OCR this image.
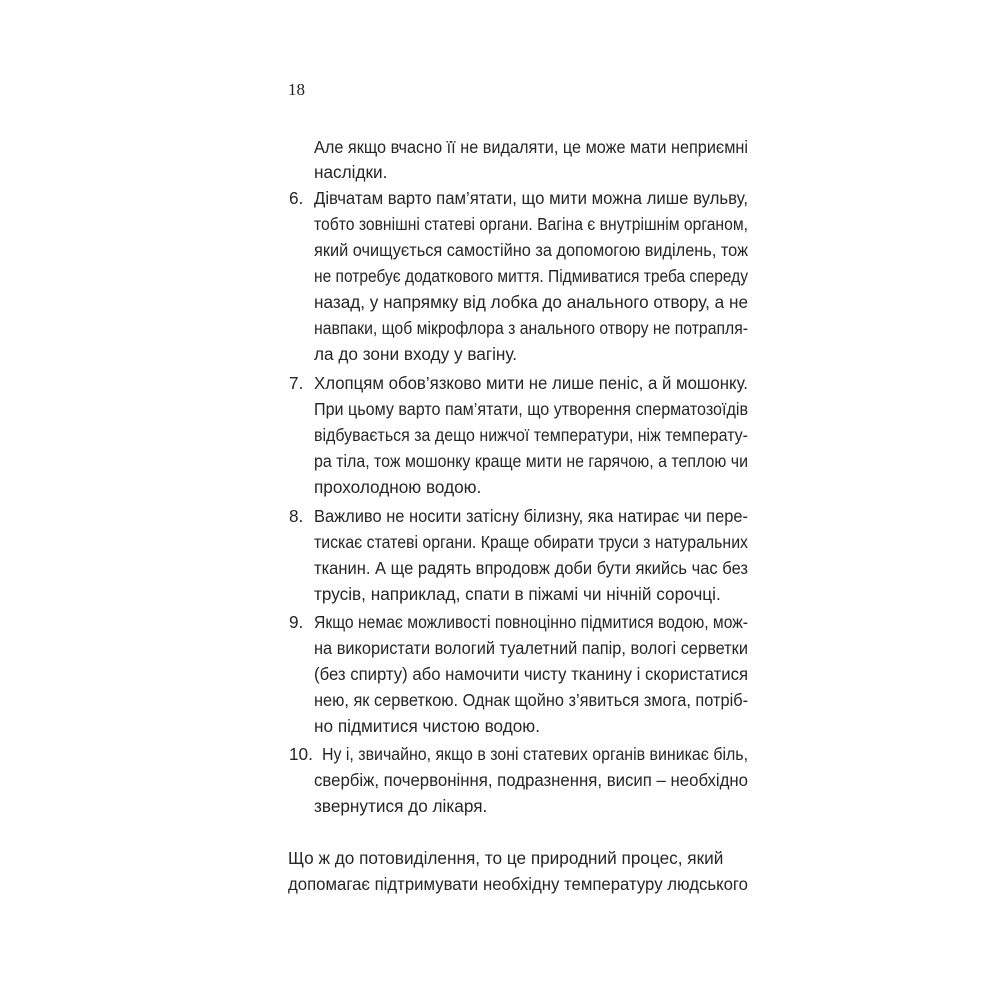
18
Але якщо вчасно її не видаляти, це може мати неприємні
наслідки.
6. Дівчатам варто пам’ятати, що мити можна лише вульву,
тобто зовнішні статеві органи. Вагіна є внутрішнім органом,
який очищується самостійно за допомогою виділень, тож
не потребує додаткового миття. Підмиватися треба спереду
назад, у напрямку від лобка до анального отвору, а не
навпаки, щоб мікрофлора з анального отвору не потрапля-
ла до зони входу у вагіну.
7. Хлопцям обов’язково мити не лише пеніс, а й мошонку.
При цьому варто пам’ятати, що утворення сперматозоїдів
відбувається за дещо нижчої температури, ніж температу-
ра тіла, тож мошонку краще мити не гарячою, а теплою чи
прохолодною водою.
8. Важливо не носити затісну білизну, яка натирає чи пере-
тискає статеві органи. Краще обирати труси з натуральних
тканин. А ще радять впродовж доби бути якийсь час без
трусів, наприклад, спати в піжамі чи нічній сорочці.
9. Якщо немає можливості повноцінно підмитися водою, мож-
на використати вологий туалетний папір, вологі серветки
(без спирту) або намочити чисту тканину і скористатися
нею, як серветкою. Однак щойно з’явиться змога, потріб-
но підмитися чистою водою.
10. Ну і, звичайно, якщо в зоні статевих органів виникає біль,
свербіж, почервоніння, подразнення, висип – необхідно
звернутися до лікаря.
Що ж до потовиділення, то це природний процес, який
допомагає підтримувати необхідну температуру людського
